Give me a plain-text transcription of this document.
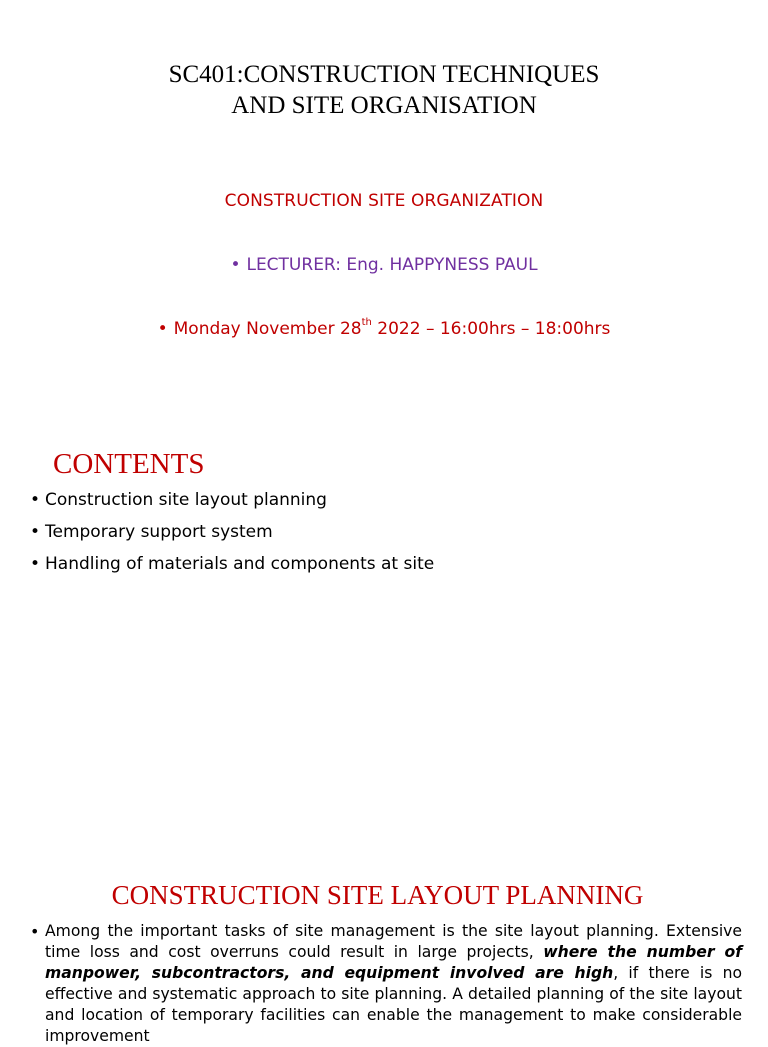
SC401:CONSTRUCTION TECHNIQUES
AND SITE ORGANISATION
CONSTRUCTION SITE ORGANIZATION
• LECTURER: Eng. HAPPYNESS PAUL
• Monday November 28th 2022 – 16:00hrs – 18:00hrs
CONTENTS
• Construction site layout planning
• Temporary support system
• Handling of materials and components at site
CONSTRUCTION SITE LAYOUT PLANNING
• Among the important tasks of site management is the site layout planning. Extensive time loss and cost overruns could result in large projects, where the number of manpower, subcontractors, and equipment involved are high, if there is no effective and systematic approach to site planning. A detailed planning of the site layout and location of temporary facilities can enable the management to make considerable improvement
